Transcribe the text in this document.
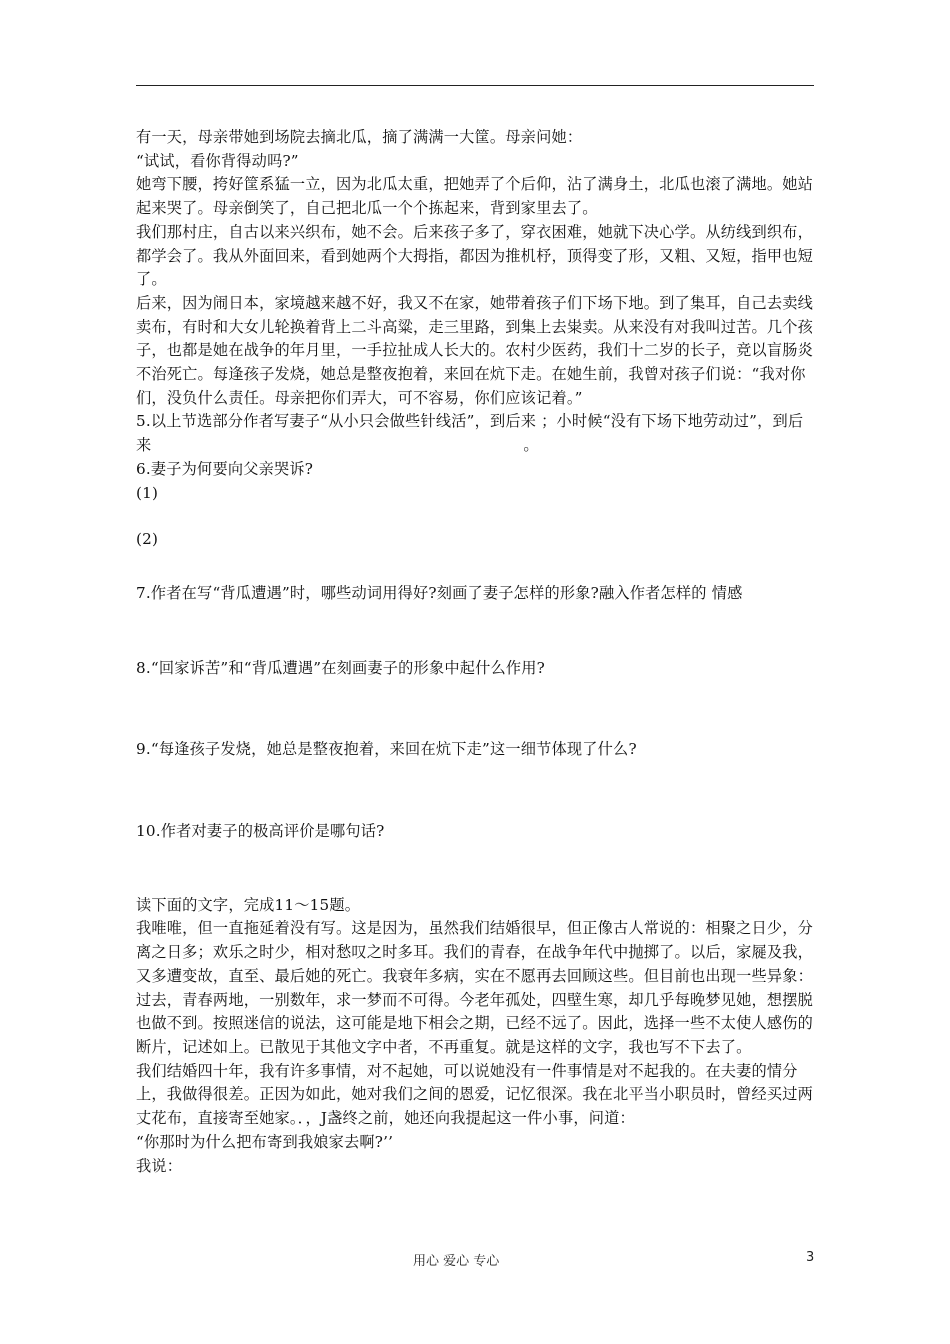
有一天，母亲带她到场院去摘北瓜，摘了满满一大筐。母亲问她：

“试试，看你背得动吗?”

她弯下腰，挎好筐系猛一立，因为北瓜太重，把她弄了个后仰，沾了满身土，北瓜也滚了满地。她站起来哭了。母亲倒笑了，自己把北瓜一个个拣起来，背到家里去了。

我们那村庄，自古以来兴织布，她不会。后来孩子多了，穿衣困难，她就下决心学。从纺线到织布，都学会了。我从外面回来，看到她两个大拇指，都因为推机杼，顶得变了形，又粗、又短，指甲也短了。

后来，因为闹日本，家境越来越不好，我又不在家，她带着孩子们下场下地。到了集耳，自己去卖线卖布，有时和大女儿轮换着背上二斗高粱，走三里路，到集上去粜卖。从来没有对我叫过苦。几个孩子，也都是她在战争的年月里，一手拉扯成人长大的。农村少医药，我们十二岁的长子，竞以盲肠炎不治死亡。每逢孩子发烧，她总是整夜抱着，来回在炕下走。在她生前，我曾对孩子们说：“我对你们，没负什么责任。母亲把你们弄大，可不容易，你们应该记着。”

5.以上节选部分作者写妻子“从小只会做些针线活”，到后来 ；小时候“没有下场下地劳动过”，到后来	。

6.妻子为何要向父亲哭诉?

(1)

(2)

7.作者在写“背瓜遭遇”时，哪些动词用得好?刻画了妻子怎样的形象?融入作者怎样的 情感

8.“回家诉苦”和“背瓜遭遇”在刻画妻子的形象中起什么作用?

9.“每逢孩子发烧，她总是整夜抱着，来回在炕下走”这一细节体现了什么?

10.作者对妻子的极高评价是哪句话?

读下面的文字，完成11～15题。

我唯唯，但一直拖延着没有写。这是因为，虽然我们结婚很早，但正像古人常说的：相聚之日少，分离之日多；欢乐之时少，相对愁叹之时多耳。我们的青春，在战争年代中抛掷了。以后，家屣及我，又多遭变故，直至、最后她的死亡。我衰年多病，实在不愿再去回顾这些。但目前也出现一些异象：过去，青春两地，一别数年，求一梦而不可得。今老年孤处，四壁生寒，却几乎每晚梦见她，想摆脱也做不到。按照迷信的说法，这可能是地下相会之期，已经不远了。因此，选择一些不太使人感伤的断片，记述如上。已散见于其他文字中者，不再重复。就是这样的文字，我也写不下去了。

我们结婚四十年，我有许多事情，对不起她，可以说她没有一件事情是对不起我的。在夫妻的情分上，我做得很差。正因为如此，她对我们之间的恩爱，记忆很深。我在北平当小职员时，曾经买过两丈花布，直接寄至她家。．，J盏终之前，她还向我提起这一件小事，问道：

“你那时为什么把布寄到我娘家去啊?’’

我说：

用心 爱心 专心	3
